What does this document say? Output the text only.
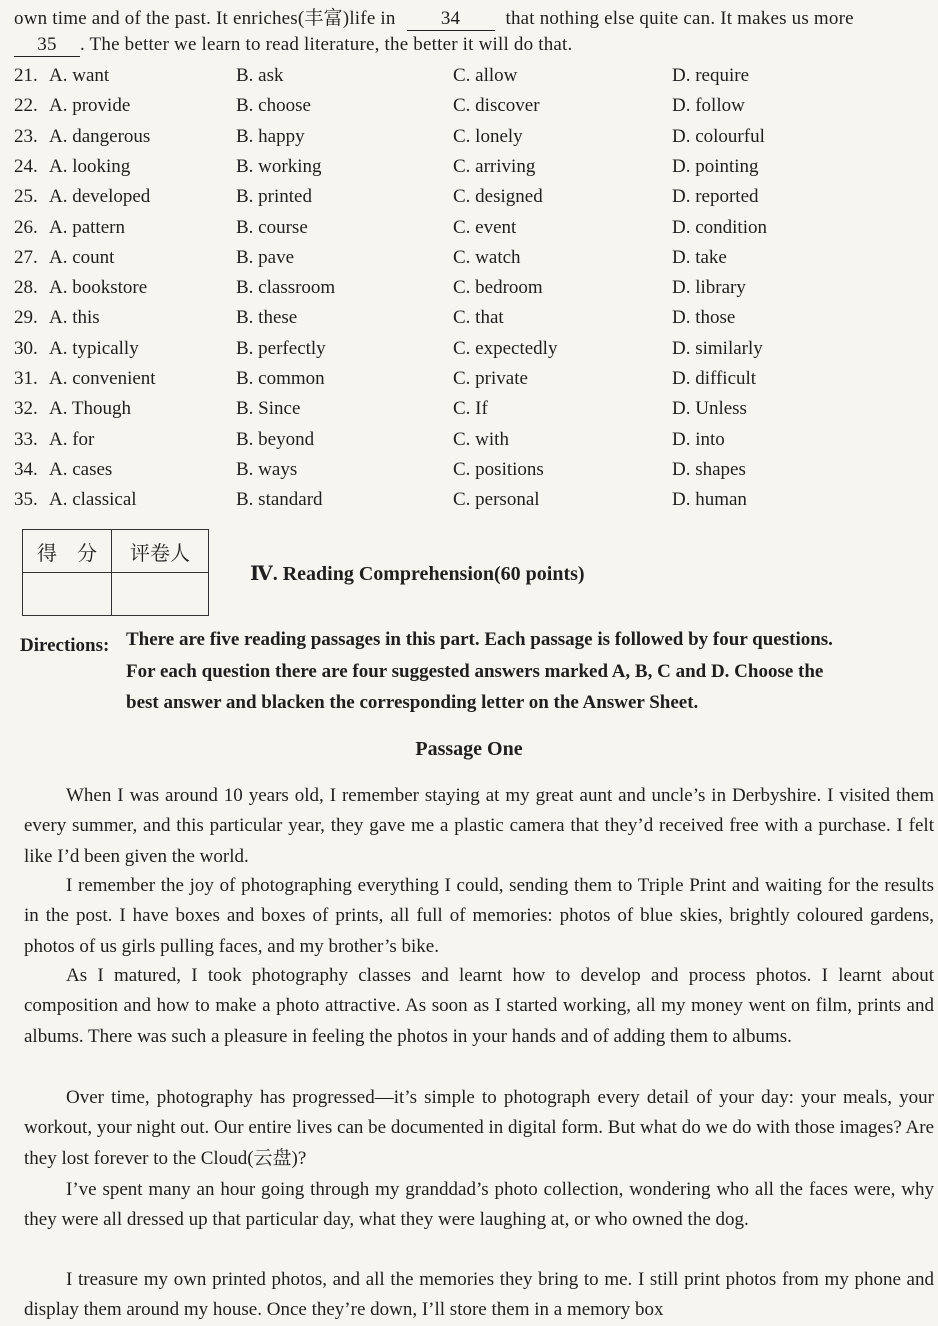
own time and of the past. It enriches(丰富)life in 34 that nothing else quite can. It makes us more
35 . The better we learn to read literature, the better it will do that.
21. A. want	B. ask	C. allow	D. require
22. A. provide	B. choose	C. discover	D. follow
23. A. dangerous	B. happy	C. lonely	D. colourful
24. A. looking	B. working	C. arriving	D. pointing
25. A. developed	B. printed	C. designed	D. reported
26. A. pattern	B. course	C. event	D. condition
27. A. count	B. pave	C. watch	D. take
28. A. bookstore	B. classroom	C. bedroom	D. library
29. A. this	B. these	C. that	D. those
30. A. typically	B. perfectly	C. expectedly	D. similarly
31. A. convenient	B. common	C. private	D. difficult
32. A. Though	B. Since	C. If	D. Unless
33. A. for	B. beyond	C. with	D. into
34. A. cases	B. ways	C. positions	D. shapes
35. A. classical	B. standard	C. personal	D. human
得　分	评卷人

Ⅳ. Reading Comprehension(60 points)
Directions: There are five reading passages in this part. Each passage is followed by four questions.
For each question there are four suggested answers marked A, B, C and D. Choose the
best answer and blacken the corresponding letter on the Answer Sheet.
Passage One
When I was around 10 years old, I remember staying at my great aunt and uncle’s in Derbyshire. I visited them every summer, and this particular year, they gave me a plastic camera that they’d received free with a purchase. I felt like I’d been given the world.
I remember the joy of photographing everything I could, sending them to Triple Print and waiting for the results in the post. I have boxes and boxes of prints, all full of memories: photos of blue skies, brightly coloured gardens, photos of us girls pulling faces, and my brother’s bike.
As I matured, I took photography classes and learnt how to develop and process photos. I learnt about composition and how to make a photo attractive. As soon as I started working, all my money went on film, prints and albums. There was such a pleasure in feeling the photos in your hands and of adding them to albums.
Over time, photography has progressed—it’s simple to photograph every detail of your day: your meals, your workout, your night out. Our entire lives can be documented in digital form. But what do we do with those images? Are they lost forever to the Cloud(云盘)?
I’ve spent many an hour going through my granddad’s photo collection, wondering who all the faces were, why they were all dressed up that particular day, what they were laughing at, or who owned the dog.
I treasure my own printed photos, and all the memories they bring to me. I still print photos from my phone and display them around my house. Once they’re down, I’ll store them in a memory box
